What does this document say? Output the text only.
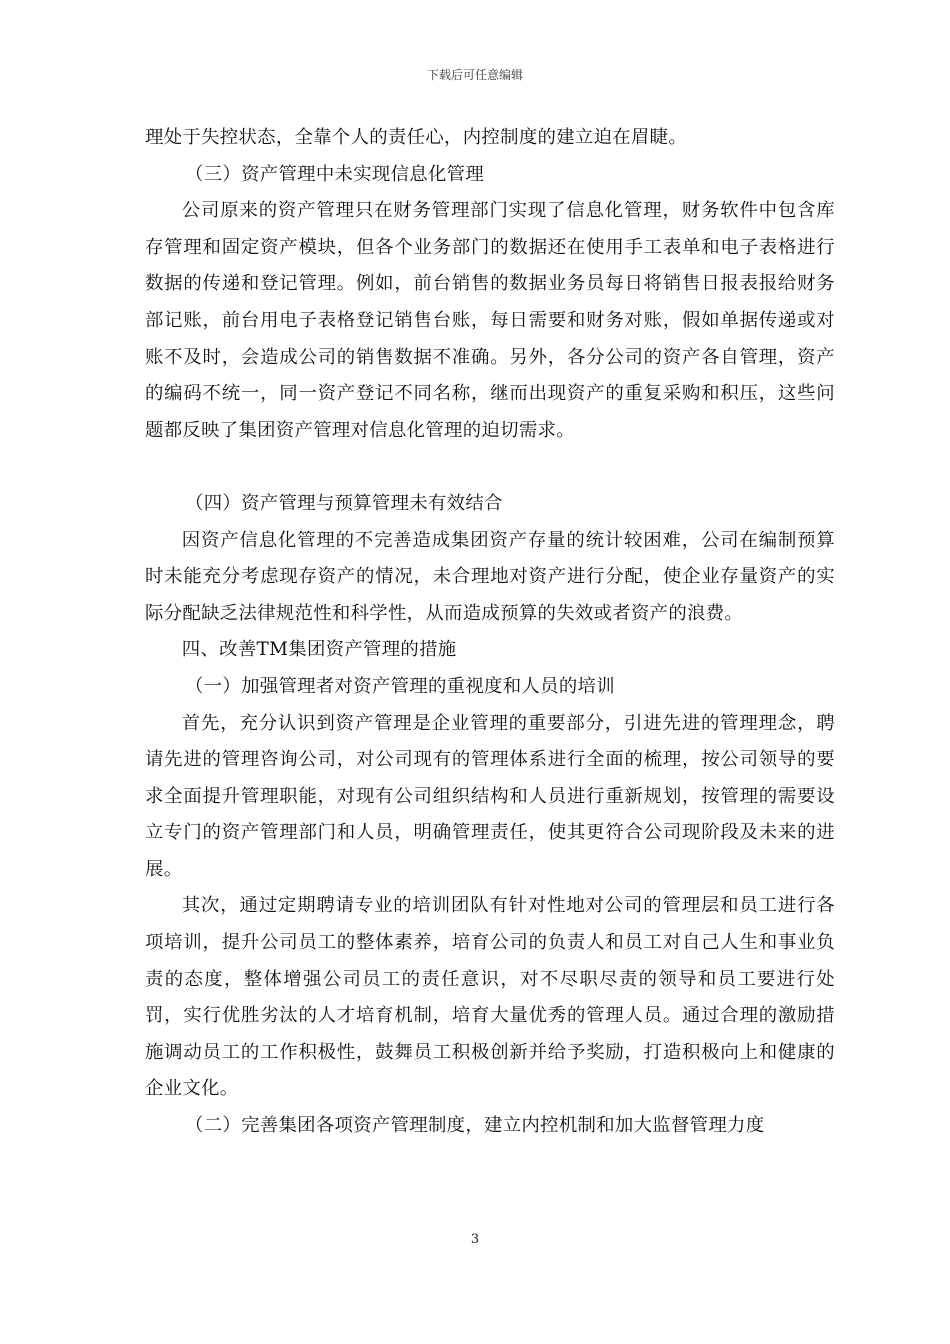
下载后可任意编辑

理处于失控状态，全靠个人的责任心，内控制度的建立迫在眉睫。

（三）资产管理中未实现信息化管理

公司原来的资产管理只在财务管理部门实现了信息化管理，财务软件中包含库存管理和固定资产模块，但各个业务部门的数据还在使用手工表单和电子表格进行数据的传递和登记管理。例如，前台销售的数据业务员每日将销售日报表报给财务部记账，前台用电子表格登记销售台账，每日需要和财务对账，假如单据传递或对账不及时，会造成公司的销售数据不准确。另外，各分公司的资产各自管理，资产的编码不统一，同一资产登记不同名称，继而出现资产的重复采购和积压，这些问题都反映了集团资产管理对信息化管理的迫切需求。

（四）资产管理与预算管理未有效结合

因资产信息化管理的不完善造成集团资产存量的统计较困难，公司在编制预算时未能充分考虑现存资产的情况，未合理地对资产进行分配，使企业存量资产的实际分配缺乏法律规范性和科学性，从而造成预算的失效或者资产的浪费。

四、改善TM集团资产管理的措施

（一）加强管理者对资产管理的重视度和人员的培训

首先，充分认识到资产管理是企业管理的重要部分，引进先进的管理理念，聘请先进的管理咨询公司，对公司现有的管理体系进行全面的梳理，按公司领导的要求全面提升管理职能，对现有公司组织结构和人员进行重新规划，按管理的需要设立专门的资产管理部门和人员，明确管理责任，使其更符合公司现阶段及未来的进展。

其次，通过定期聘请专业的培训团队有针对性地对公司的管理层和员工进行各项培训，提升公司员工的整体素养，培育公司的负责人和员工对自己人生和事业负责的态度，整体增强公司员工的责任意识，对不尽职尽责的领导和员工要进行处罚，实行优胜劣汰的人才培育机制，培育大量优秀的管理人员。通过合理的激励措施调动员工的工作积极性，鼓舞员工积极创新并给予奖励，打造积极向上和健康的企业文化。

（二）完善集团各项资产管理制度，建立内控机制和加大监督管理力度

3
